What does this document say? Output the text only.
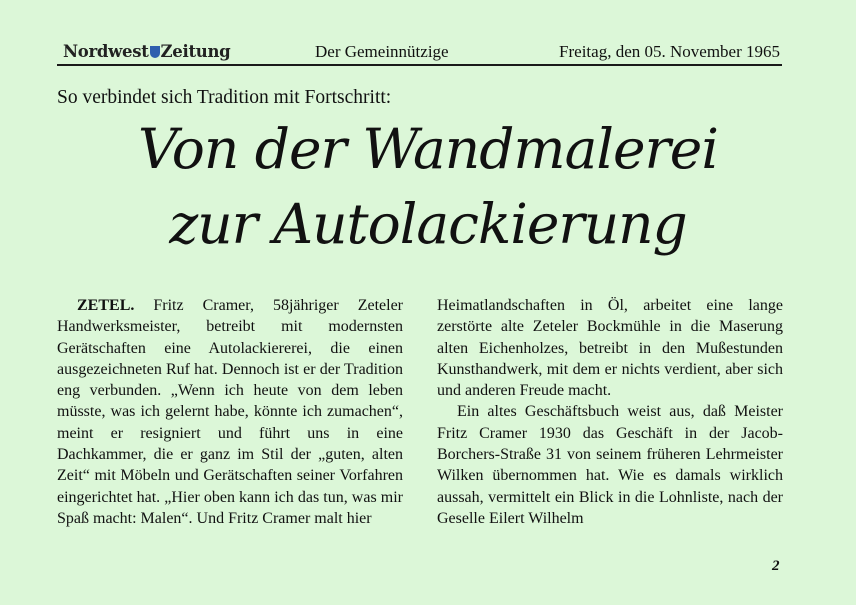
Nordwest Zeitung	Der Gemeinnützige	Freitag, den 05. November 1965
So verbindet sich Tradition mit Fortschritt:
Von der Wandmalerei
zur Autolackierung

ZETEL. Fritz Cramer, 58jähriger Zeteler Handwerksmeister, betreibt mit modernsten Gerätschaften eine Autolackiererei, die einen ausgezeichneten Ruf hat. Dennoch ist er der Tradition eng verbunden. „Wenn ich heute von dem leben müsste, was ich gelernt habe, könnte ich zumachen“, meint er resigniert und führt uns in eine Dachkammer, die er ganz im Stil der „guten, alten Zeit“ mit Möbeln und Gerätschaften seiner Vorfahren eingerichtet hat. „Hier oben kann ich das tun, was mir Spaß macht: Malen“. Und Fritz Cramer malt hier

Heimatlandschaften in Öl, arbeitet eine lange zerstörte alte Zeteler Bockmühle in die Maserung alten Eichenholzes, betreibt in den Mußestunden Kunsthandwerk, mit dem er nichts verdient, aber sich und anderen Freude macht.

Ein altes Geschäftsbuch weist aus, daß Meister Fritz Cramer 1930 das Geschäft in der Jacob-Borchers-Straße 31 von seinem früheren Lehrmeister Wilken übernommen hat. Wie es damals wirklich aussah, vermittelt ein Blick in die Lohnliste, nach der Geselle Eilert Wilhelm

2
